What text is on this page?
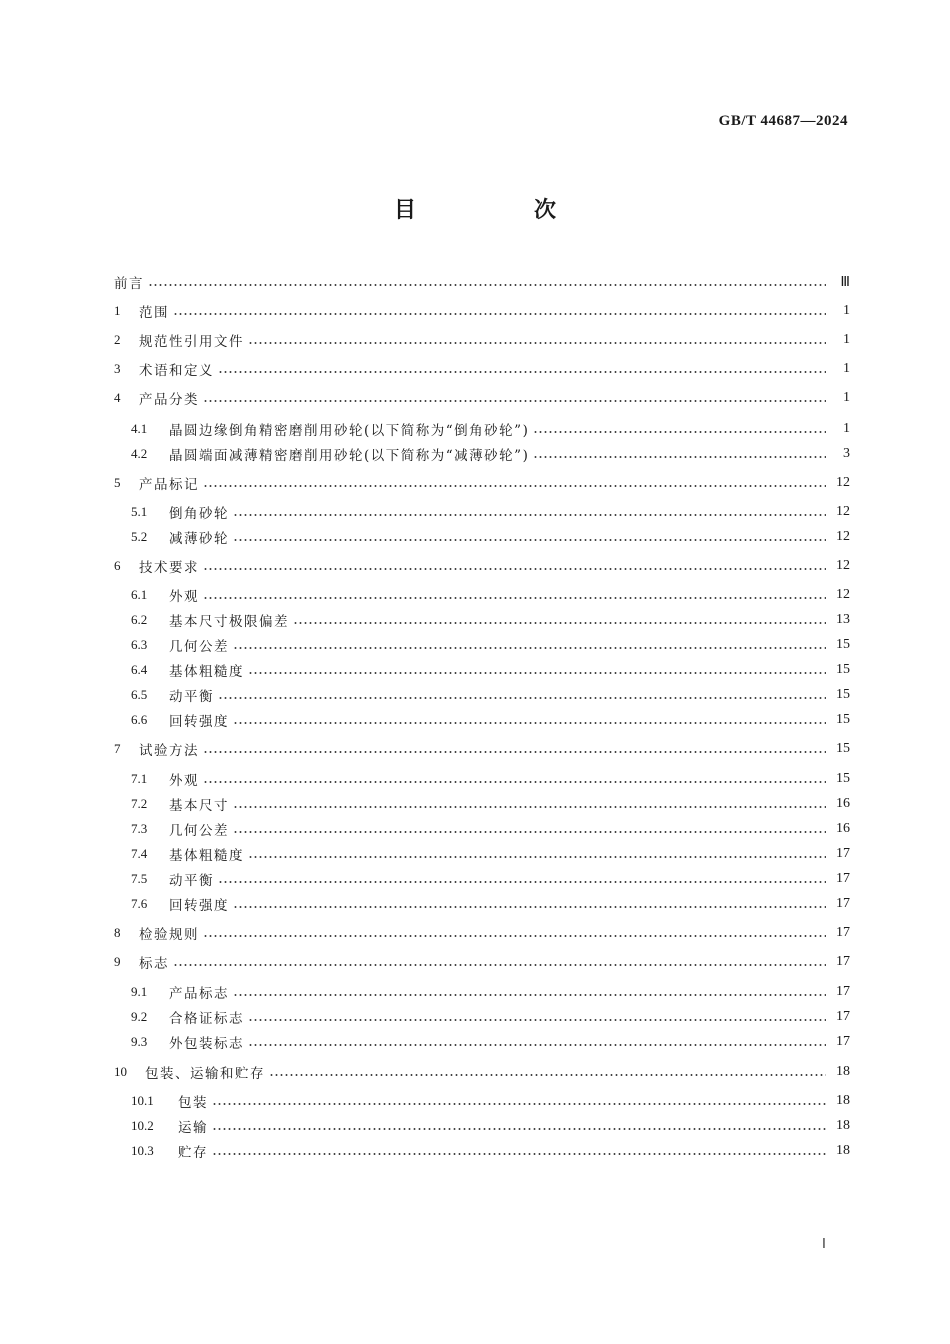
GB/T 44687—2024
目　次
前言	Ⅲ
1	范围	1
2	规范性引用文件	1
3	术语和定义	1
4	产品分类	1
4.1	晶圆边缘倒角精密磨削用砂轮(以下简称为“倒角砂轮”)	1
4.2	晶圆端面减薄精密磨削用砂轮(以下简称为“减薄砂轮”)	3
5	产品标记	12
5.1	倒角砂轮	12
5.2	减薄砂轮	12
6	技术要求	12
6.1	外观	12
6.2	基本尺寸极限偏差	13
6.3	几何公差	15
6.4	基体粗糙度	15
6.5	动平衡	15
6.6	回转强度	15
7	试验方法	15
7.1	外观	15
7.2	基本尺寸	16
7.3	几何公差	16
7.4	基体粗糙度	17
7.5	动平衡	17
7.6	回转强度	17
8	检验规则	17
9	标志	17
9.1	产品标志	17
9.2	合格证标志	17
9.3	外包装标志	17
10	包装、运输和贮存	18
10.1	包装	18
10.2	运输	18
10.3	贮存	18
Ⅰ
